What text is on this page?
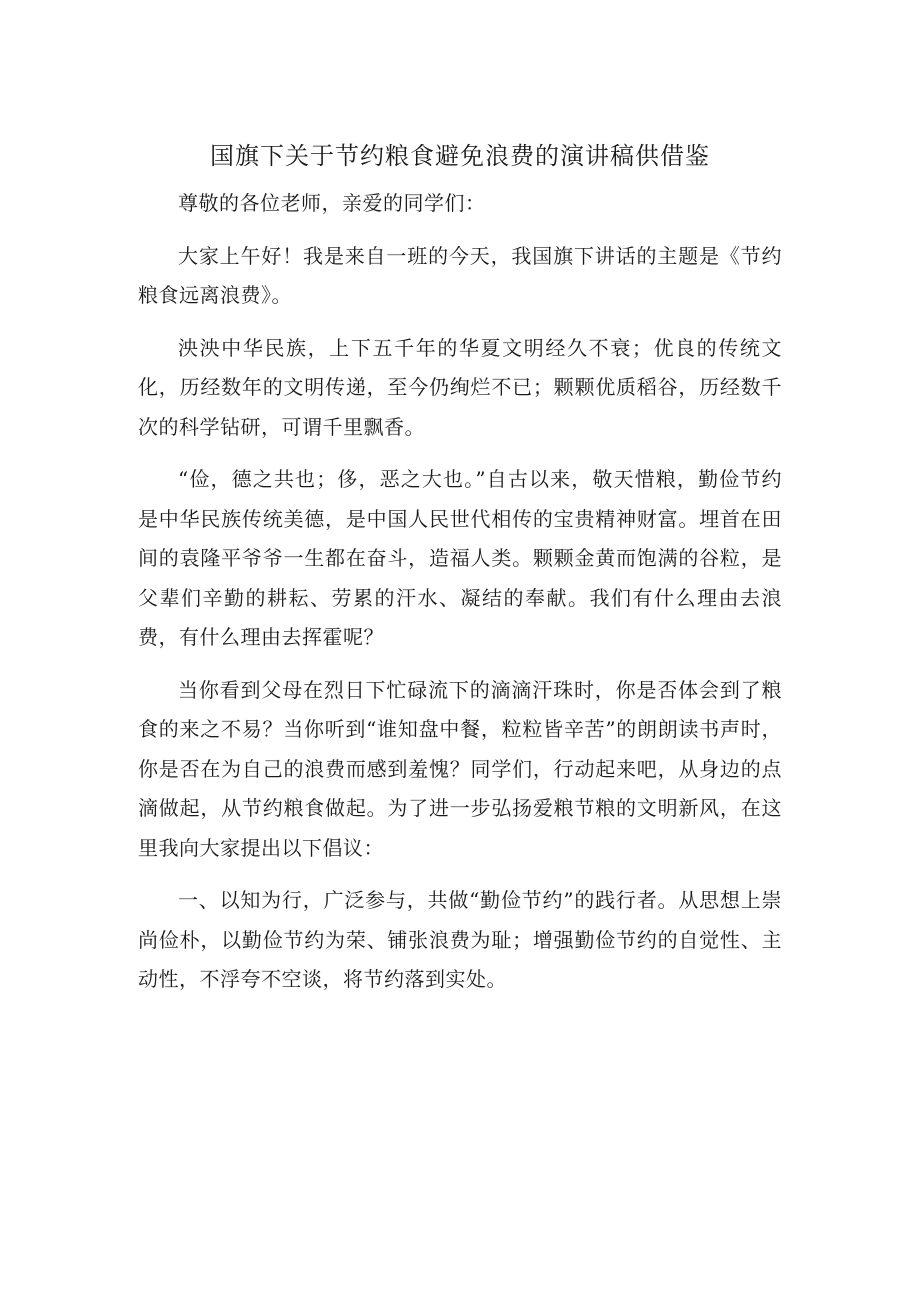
国旗下关于节约粮食避免浪费的演讲稿供借鉴

尊敬的各位老师，亲爱的同学们：

大家上午好！我是来自一班的今天，我国旗下讲话的主题是《节约粮食远离浪费》。

泱泱中华民族，上下五千年的华夏文明经久不衰；优良的传统文化，历经数年的文明传递，至今仍绚烂不已；颗颗优质稻谷，历经数千次的科学钻研，可谓千里飘香。

“俭，德之共也；侈，恶之大也。”自古以来，敬天惜粮，勤俭节约是中华民族传统美德，是中国人民世代相传的宝贵精神财富。埋首在田间的袁隆平爷爷一生都在奋斗，造福人类。颗颗金黄而饱满的谷粒，是父辈们辛勤的耕耘、劳累的汗水、凝结的奉献。我们有什么理由去浪费，有什么理由去挥霍呢？

当你看到父母在烈日下忙碌流下的滴滴汗珠时，你是否体会到了粮食的来之不易？当你听到“谁知盘中餐，粒粒皆辛苦”的朗朗读书声时，你是否在为自己的浪费而感到羞愧？同学们，行动起来吧，从身边的点滴做起，从节约粮食做起。为了进一步弘扬爱粮节粮的文明新风，在这里我向大家提出以下倡议：

一、以知为行，广泛参与，共做“勤俭节约”的践行者。从思想上崇尚俭朴，以勤俭节约为荣、铺张浪费为耻；增强勤俭节约的自觉性、主动性，不浮夸不空谈，将节约落到实处。
